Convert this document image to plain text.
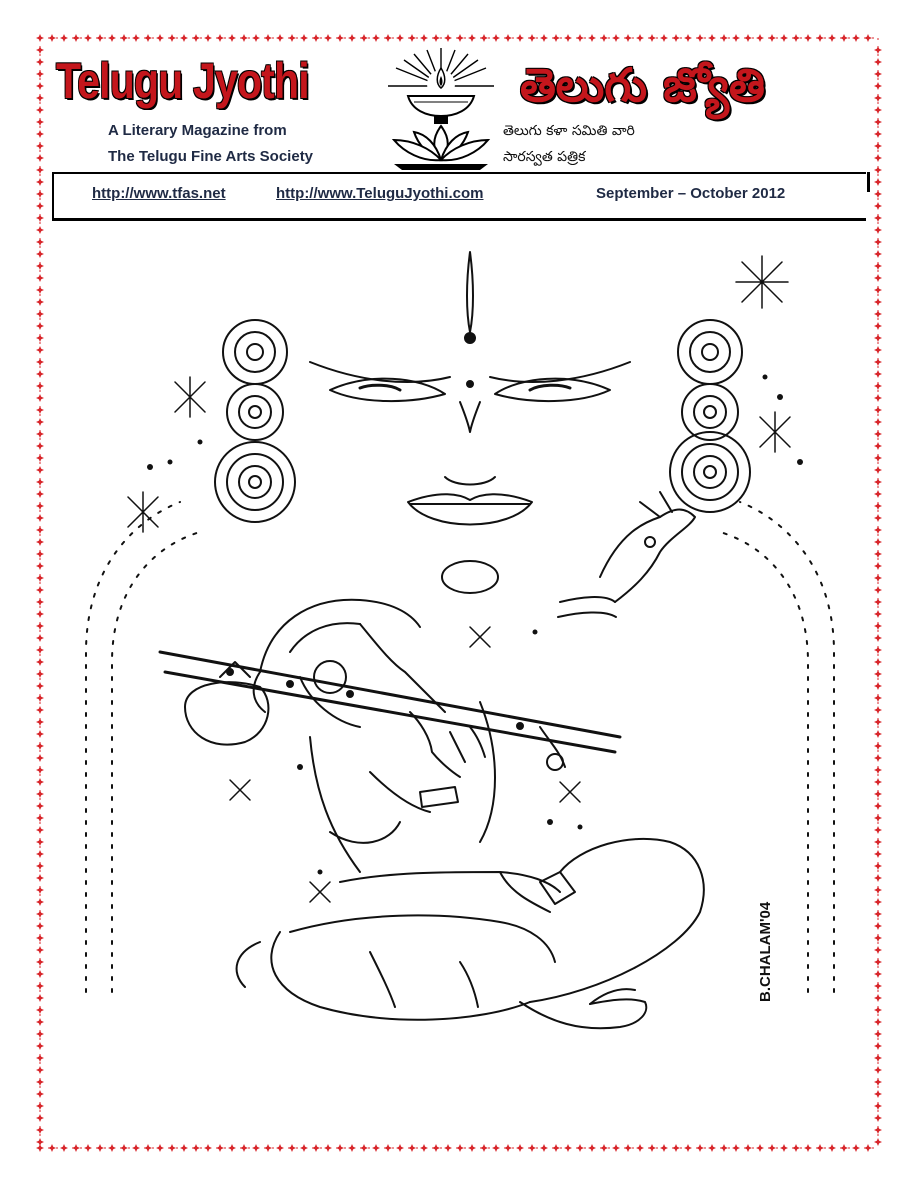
Telugu Jyothi	తెలుగు జ్యోతి
A Literary Magazine from
The Telugu Fine Arts Society
తెలుగు కళా సమితి వారి
సారస్వత పత్రిక
http://www.tfas.net	http://www.TeluguJyothi.com	September – October 2012
B.CHALAM'04
